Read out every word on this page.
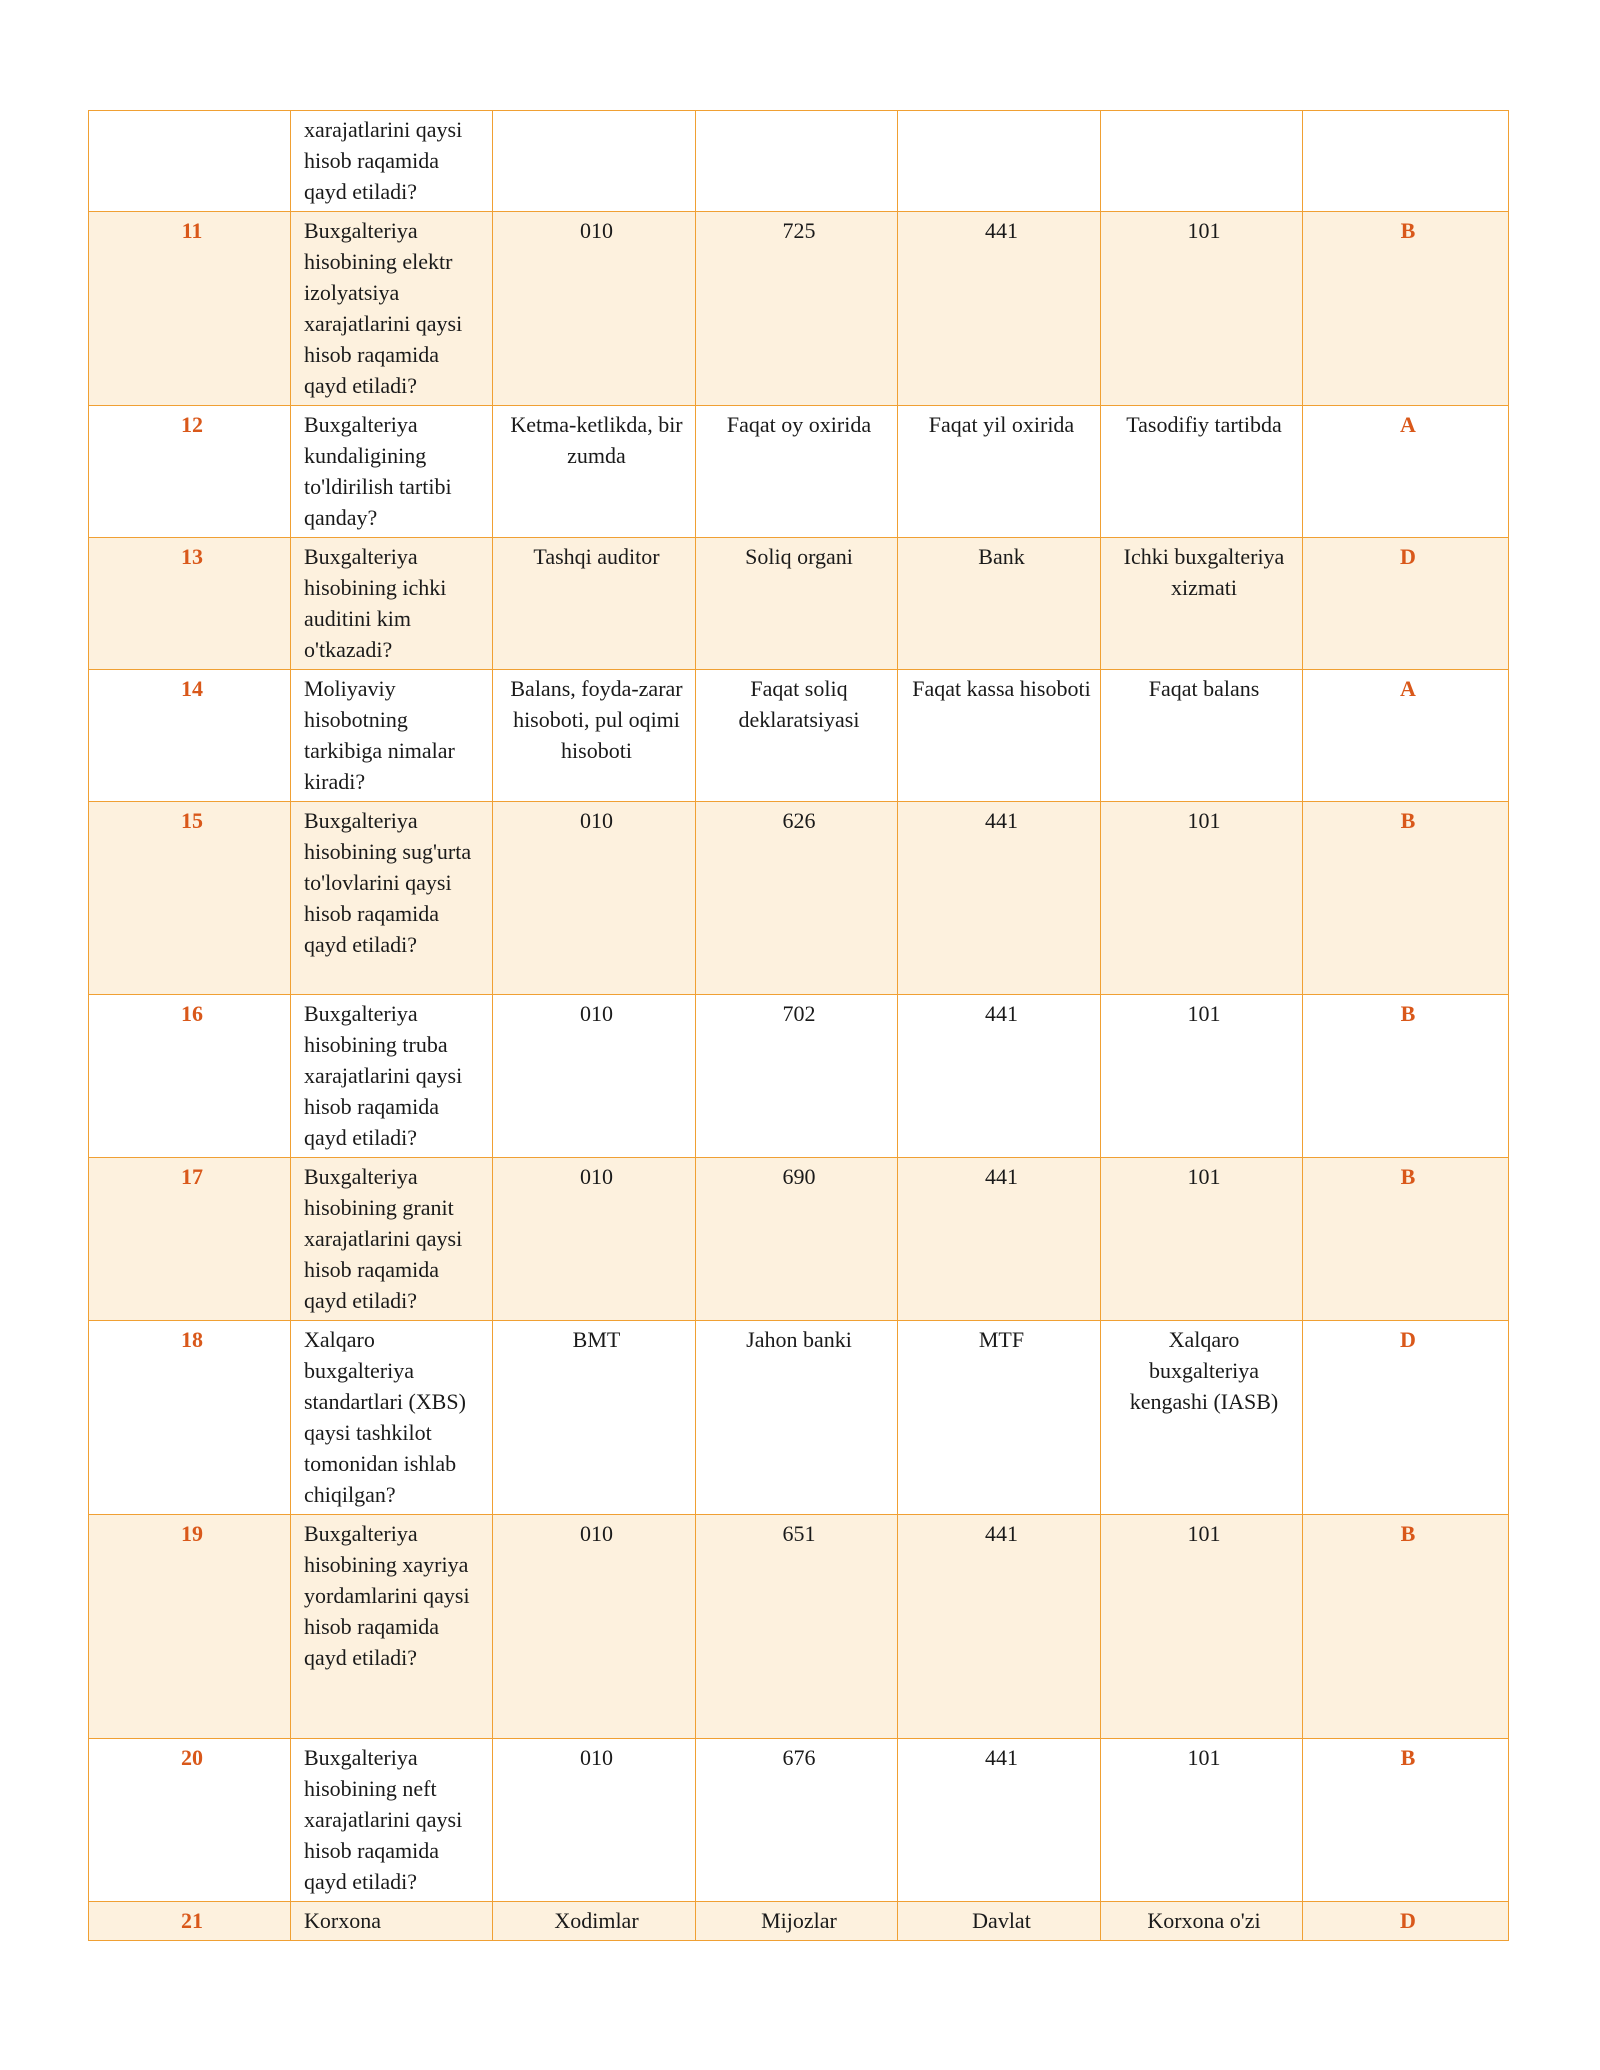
	xarajatlarini qaysi hisob raqamida qayd etiladi?					
11	Buxgalteriya hisobining elektr izolyatsiya xarajatlarini qaysi hisob raqamida qayd etiladi?	010	725	441	101	B
12	Buxgalteriya kundaligining to'ldirilish tartibi qanday?	Ketma-ketlikda, bir zumda	Faqat oy oxirida	Faqat yil oxirida	Tasodifiy tartibda	A
13	Buxgalteriya hisobining ichki auditini kim o'tkazadi?	Tashqi auditor	Soliq organi	Bank	Ichki buxgalteriya xizmati	D
14	Moliyaviy hisobotning tarkibiga nimalar kiradi?	Balans, foyda-zarar hisoboti, pul oqimi hisoboti	Faqat soliq deklaratsiyasi	Faqat kassa hisoboti	Faqat balans	A
15	Buxgalteriya hisobining sug'urta to'lovlarini qaysi hisob raqamida qayd etiladi?	010	626	441	101	B
16	Buxgalteriya hisobining truba xarajatlarini qaysi hisob raqamida qayd etiladi?	010	702	441	101	B
17	Buxgalteriya hisobining granit xarajatlarini qaysi hisob raqamida qayd etiladi?	010	690	441	101	B
18	Xalqaro buxgalteriya standartlari (XBS) qaysi tashkilot tomonidan ishlab chiqilgan?	BMT	Jahon banki	MTF	Xalqaro buxgalteriya kengashi (IASB)	D
19	Buxgalteriya hisobining xayriya yordamlarini qaysi hisob raqamida qayd etiladi?	010	651	441	101	B
20	Buxgalteriya hisobining neft xarajatlarini qaysi hisob raqamida qayd etiladi?	010	676	441	101	B
21	Korxona	Xodimlar	Mijozlar	Davlat	Korxona o'zi	D
